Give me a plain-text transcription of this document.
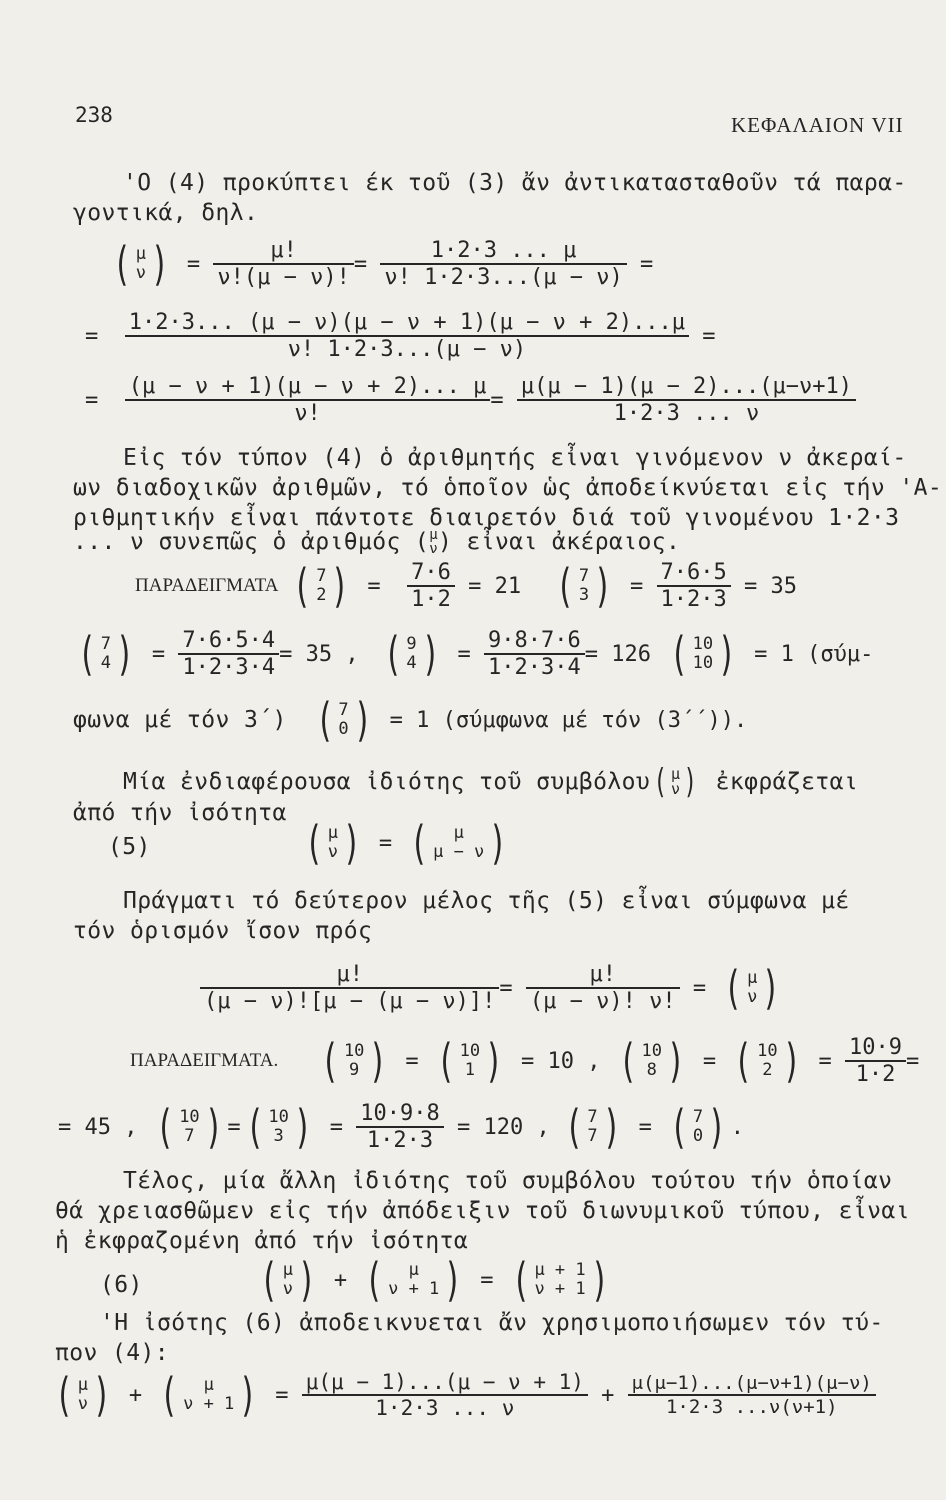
238	ΚΕΦΑΛΑΙΟΝ VII
'Ο (4) προκύπτει έκ τοῦ (3) ἄν ἀντικατασταθοῦν τά παρα-
γοντικά, δηλ.
( μ
ν ) = $\frac{\mu!}{\nu!(\mu - \nu)!} = \frac{1\cdot 2\cdot 3 ... \mu}{\nu! 1\cdot 2\cdot 3...(\mu - \nu)}$ =
= $\frac{1\cdot 2\cdot 3... (\mu - \nu)(\mu - \nu + 1)(\mu - \nu + 2)...\mu}{\nu! 1\cdot 2\cdot 3...(\mu - \nu)}$ =
= $\frac{(\mu - \nu + 1)(\mu - \nu + 2)... \mu}{\nu!} = \frac{\mu(\mu - 1)(\mu - 2)...(\mu-\nu+1)}{1\cdot 2\cdot 3 ... \nu}$
Εἰς τόν τύπον (4) ὁ ἀριθμητής εἶναι γινόμενον ν ἀκεραί-
ων διαδοχικῶν ἀριθμῶν, τό ὁποῖον ὡς ἀποδείκνύεται εἰς τήν 'Α-
ριθμητικήν εἶναι πάντοτε διαιρετόν διά τοῦ γινομένου 1·2·3
... ν συνεπῶς ὁ ἀριθμός ( μ
ν ) εἶναι ἀκέραιος.
ΠΑΡΑΔΕΙΓΜΑΤΑ ( 7
2 ) = $\frac{7\cdot 6}{1\cdot 2}$
= 21 ( 7
3 ) = $\frac{7\cdot 6\cdot 5}{1\cdot 2\cdot 3}$
= 35
( 7
4 ) = $\frac{7\cdot 6\cdot 5\cdot 4}{1\cdot 2\cdot 3\cdot 4} = 35$ , ( 9
4 ) = $\frac{9\cdot 8\cdot 7\cdot 6}{1\cdot 2\cdot 3\cdot 4} = 126$ ( 10
10 )
= 1 (σύμ-
φωνα μέ τόν 3΄) ( 7
0 )
= 1 (σύμφωνα μέ τόν (3΄΄)).
Μία ἐνδιαφέρουσα ἰδιότης τοῦ συμβόλου ( μ
ν )
ἐκφράζεται
ἀπό τήν ἰσότητα
(5)	( μ
ν ) = ( μ
μ − ν )
Πράγματι τό δεύτερον μέλος τῆς (5) εἶναι σύμφωνα μέ
τόν ὁρισμόν ἴσον πρός
$\frac{\mu!}{(\mu - \nu)![\mu - (\mu - \nu)]!} = \frac{\mu!}{(\mu - \nu)! \nu!}$ = ( μ
ν )
ΠΑΡΑΔΕΙΓΜΑΤΑ. ( 10
9 ) = ( 10
1 )
= 10 ,
( 10
8 ) = ( 10
2 ) = $\frac{10\cdot 9}{1\cdot 2}$ =
= 45 , ( 10
7 ) = ( 10
3 ) = $\frac{10\cdot 9\cdot 8}{1\cdot 2\cdot 3}$
= 120 , ( 7
7 ) = ( 7
0 ) .
Τέλος, μία ἄλλη ἰδιότης τοῦ συμβόλου τούτου τήν ὁποίαν
θά χρειασθῶμεν εἰς τήν ἀπόδειξιν τοῦ διωνυμικοῦ τύπου, εἶναι
ἡ ἐκφραζομένη ἀπό τήν ἰσότητα
(6)	( μ
ν ) + ( μ
ν + 1 ) = ( μ + 1
ν + 1 )
'Η ἰσότης (6) ἀποδεικνυεται ἄν χρησιμοποιήσωμεν τόν τύ-
πον (4):
( μ
ν ) + ( μ
ν + 1 ) = $\frac{\mu(\mu - 1)...(\mu - \nu + 1)}{1\cdot 2\cdot 3 ... \nu} + \frac{\mu(\mu-1)...(\mu-\nu+1)(\mu-\nu)}{1\cdot 2\cdot 3 ...\nu(\nu+1)}$
